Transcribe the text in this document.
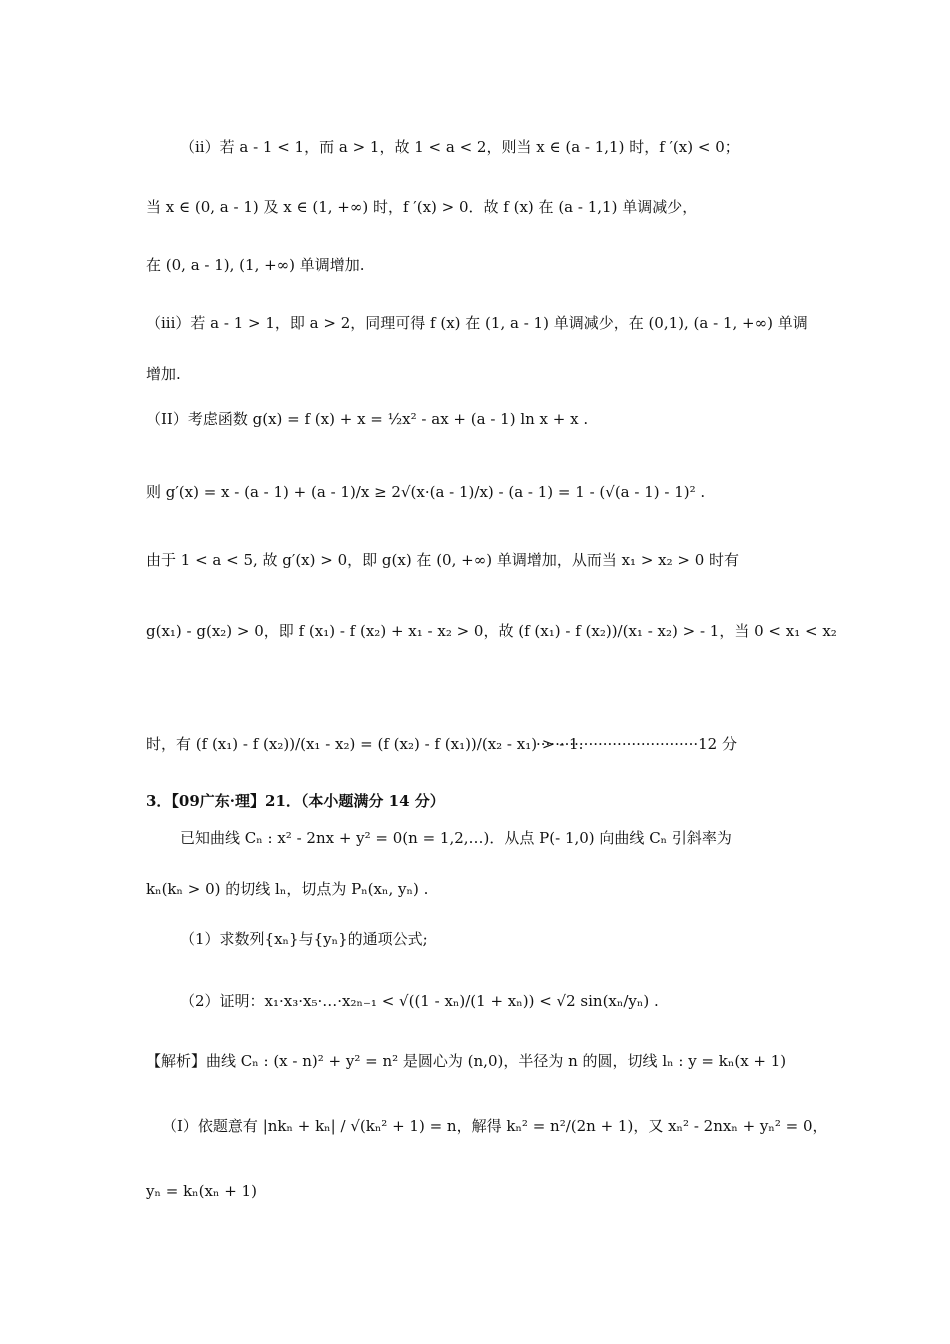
（ii）若 a - 1 < 1，而 a > 1，故 1 < a < 2，则当 x ∈ (a - 1,1) 时，f ′(x) < 0；
当 x ∈ (0, a - 1) 及 x ∈ (1, +∞) 时，f ′(x) > 0．故 f (x) 在 (a - 1,1) 单调减少，
在 (0, a - 1), (1, +∞) 单调增加.
（iii）若 a - 1 > 1，即 a > 2，同理可得 f (x) 在 (1, a - 1) 单调减少，在 (0,1), (a - 1, +∞) 单调
增加.
（II）考虑函数 g(x) = f (x) + x = ½x² - ax + (a - 1) ln x + x .
则 g′(x) = x - (a - 1) + (a - 1)/x ≥ 2√(x·(a - 1)/x) - (a - 1) = 1 - (√(a - 1) - 1)² .
由于 1 < a < 5, 故 g′(x) > 0，即 g(x) 在 (0, +∞) 单调增加，从而当 x₁ > x₂ > 0 时有
g(x₁) - g(x₂) > 0，即 f (x₁) - f (x₂) + x₁ - x₂ > 0，故 (f (x₁) - f (x₂))/(x₁ - x₂) > - 1，当 0 < x₁ < x₂
时，有 (f (x₁) - f (x₂))/(x₁ - x₂) = (f (x₂) - f (x₁))/(x₂ - x₁) > - 1.
··································12 分
3．【09广东·理】21．（本小题满分 14 分）
已知曲线 Cₙ : x² - 2nx + y² = 0(n = 1,2,…)．从点 P(- 1,0) 向曲线 Cₙ 引斜率为
kₙ(kₙ > 0) 的切线 lₙ，切点为 Pₙ(xₙ, yₙ) .
（1）求数列{xₙ}与{yₙ}的通项公式;
（2）证明：x₁·x₃·x₅·…·x₂ₙ₋₁ < √((1 - xₙ)/(1 + xₙ)) < √2 sin(xₙ/yₙ) .
【解析】曲线 Cₙ : (x - n)² + y² = n² 是圆心为 (n,0)，半径为 n 的圆，切线 lₙ : y = kₙ(x + 1)
（Ⅰ）依题意有 |nkₙ + kₙ| / √(kₙ² + 1) = n，解得 kₙ² = n²/(2n + 1)，又 xₙ² - 2nxₙ + yₙ² = 0，
yₙ = kₙ(xₙ + 1)
